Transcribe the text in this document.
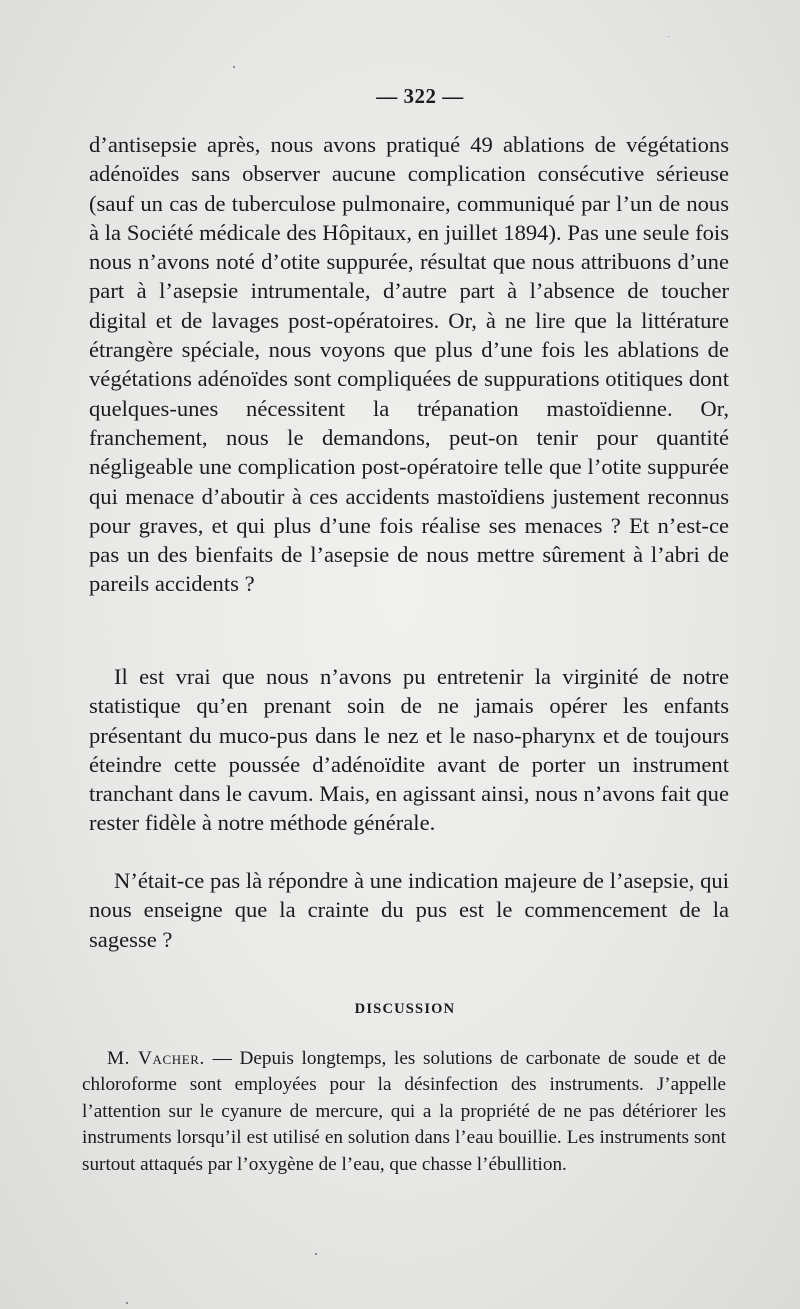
— 322 —

d’antisepsie après, nous avons pratiqué 49 ablations de végétations adénoïdes sans observer aucune complication consécutive sérieuse (sauf un cas de tuberculose pulmonaire, communiqué par l’un de nous à la Société médicale des Hôpitaux, en juillet 1894). Pas une seule fois nous n’avons noté d’otite suppurée, résultat que nous attribuons d’une part à l’asepsie intrumentale, d’autre part à l’absence de toucher digital et de lavages post-opératoires. Or, à ne lire que la littérature étrangère spéciale, nous voyons que plus d’une fois les ablations de végétations adénoïdes sont compliquées de suppurations otitiques dont quelques-unes nécessitent la trépanation mastoïdienne. Or, franchement, nous le demandons, peut-on tenir pour quantité négligeable une complication post-opératoire telle que l’otite suppurée qui menace d’aboutir à ces accidents mastoïdiens justement reconnus pour graves, et qui plus d’une fois réalise ses menaces ? Et n’est-ce pas un des bienfaits de l’asepsie de nous mettre sûrement à l’abri de pareils accidents ?

Il est vrai que nous n’avons pu entretenir la virginité de notre statistique qu’en prenant soin de ne jamais opérer les enfants présentant du muco-pus dans le nez et le naso-pharynx et de toujours éteindre cette poussée d’adénoïdite avant de porter un instrument tranchant dans le cavum. Mais, en agissant ainsi, nous n’avons fait que rester fidèle à notre méthode générale.

N’était-ce pas là répondre à une indication majeure de l’asepsie, qui nous enseigne que la crainte du pus est le commencement de la sagesse ?

DISCUSSION

M. Vacher. — Depuis longtemps, les solutions de carbonate de soude et de chloroforme sont employées pour la désinfection des instruments. J’appelle l’attention sur le cyanure de mercure, qui a la propriété de ne pas détériorer les instruments lorsqu’il est utilisé en solution dans l’eau bouillie. Les instruments sont surtout attaqués par l’oxygène de l’eau, que chasse l’ébullition.
